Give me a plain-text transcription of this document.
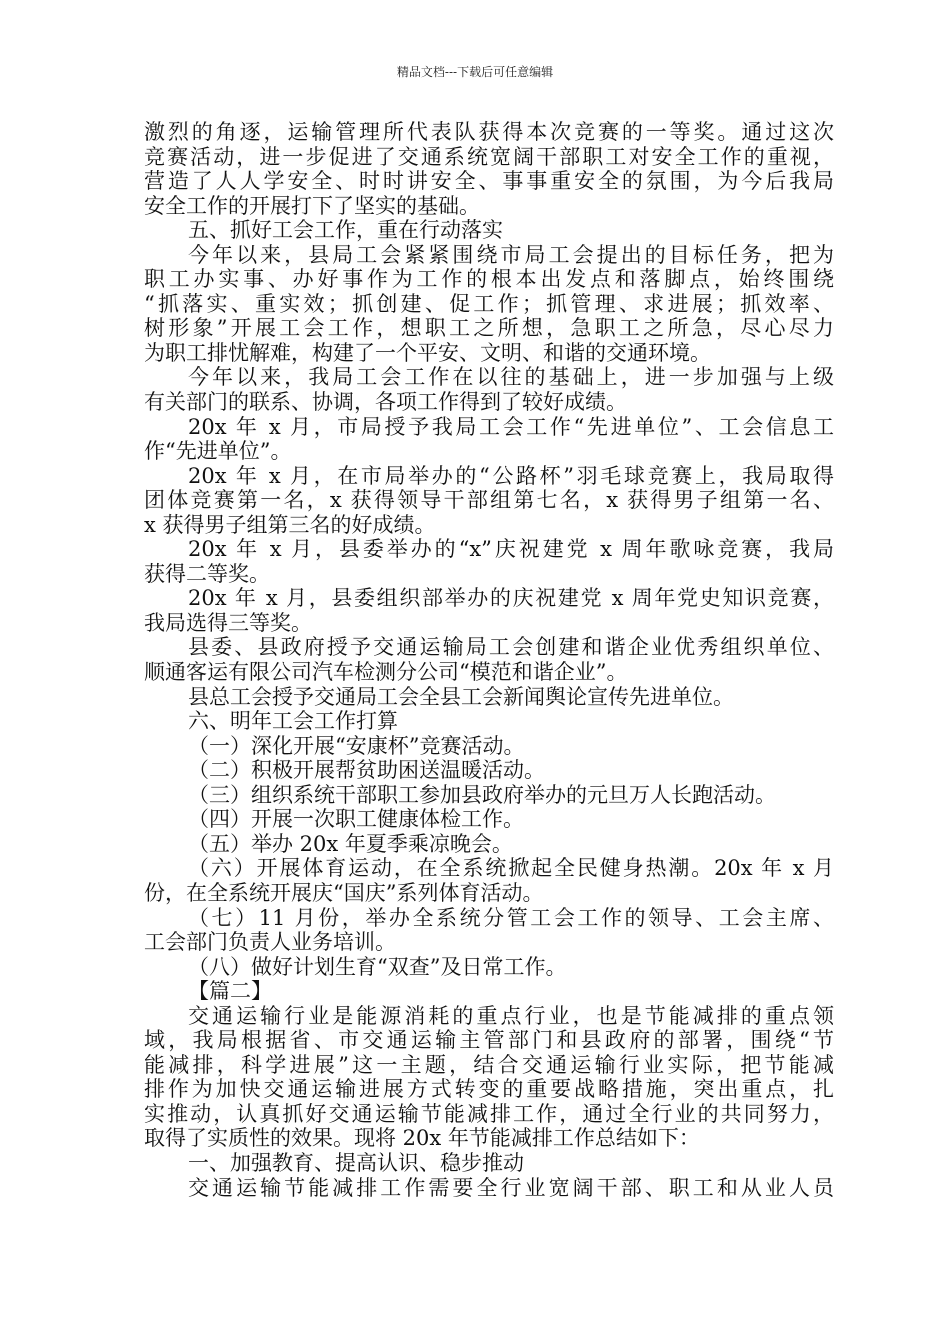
精品文档---下载后可任意编辑
激烈的角逐，运输管理所代表队获得本次竞赛的一等奖。通过这次
竞赛活动，进一步促进了交通系统宽阔干部职工对安全工作的重视，
营造了人人学安全、时时讲安全、事事重安全的氛围，为今后我局
安全工作的开展打下了坚实的基础。
五、抓好工会工作，重在行动落实
今年以来，县局工会紧紧围绕市局工会提出的目标任务，把为
职工办实事、办好事作为工作的根本出发点和落脚点，始终围绕
“抓落实、重实效；抓创建、促工作；抓管理、求进展；抓效率、
树形象”开展工会工作，想职工之所想，急职工之所急，尽心尽力
为职工排忧解难，构建了一个平安、文明、和谐的交通环境。
今年以来，我局工会工作在以往的基础上，进一步加强与上级
有关部门的联系、协调，各项工作得到了较好成绩。
20x 年 x 月，市局授予我局工会工作“先进单位”、工会信息工
作“先进单位”。
20x 年 x 月，在市局举办的“公路杯”羽毛球竞赛上，我局取得
团体竞赛第一名，x 获得领导干部组第七名，x 获得男子组第一名、
x 获得男子组第三名的好成绩。
20x 年 x 月，县委举办的“x”庆祝建党 x 周年歌咏竞赛，我局
获得二等奖。
20x 年 x 月，县委组织部举办的庆祝建党 x 周年党史知识竞赛，
我局选得三等奖。
县委、县政府授予交通运输局工会创建和谐企业优秀组织单位、
顺通客运有限公司汽车检测分公司“模范和谐企业”。
县总工会授予交通局工会全县工会新闻舆论宣传先进单位。
六、明年工会工作打算
（一）深化开展“安康杯”竞赛活动。
（二）积极开展帮贫助困送温暖活动。
（三）组织系统干部职工参加县政府举办的元旦万人长跑活动。
（四）开展一次职工健康体检工作。
（五）举办 20x 年夏季乘凉晚会。
（六）开展体育运动，在全系统掀起全民健身热潮。20x 年 x 月
份，在全系统开展庆“国庆”系列体育活动。
（七）11 月份，举办全系统分管工会工作的领导、工会主席、
工会部门负责人业务培训。
（八）做好计划生育“双查”及日常工作。
【篇二】
交通运输行业是能源消耗的重点行业，也是节能减排的重点领
域，我局根据省、市交通运输主管部门和县政府的部署，围绕“节
能减排，科学进展”这一主题，结合交通运输行业实际，把节能减
排作为加快交通运输进展方式转变的重要战略措施，突出重点，扎
实推动，认真抓好交通运输节能减排工作，通过全行业的共同努力，
取得了实质性的效果。现将 20x 年节能减排工作总结如下：
一、加强教育、提高认识、稳步推动
交通运输节能减排工作需要全行业宽阔干部、职工和从业人员
